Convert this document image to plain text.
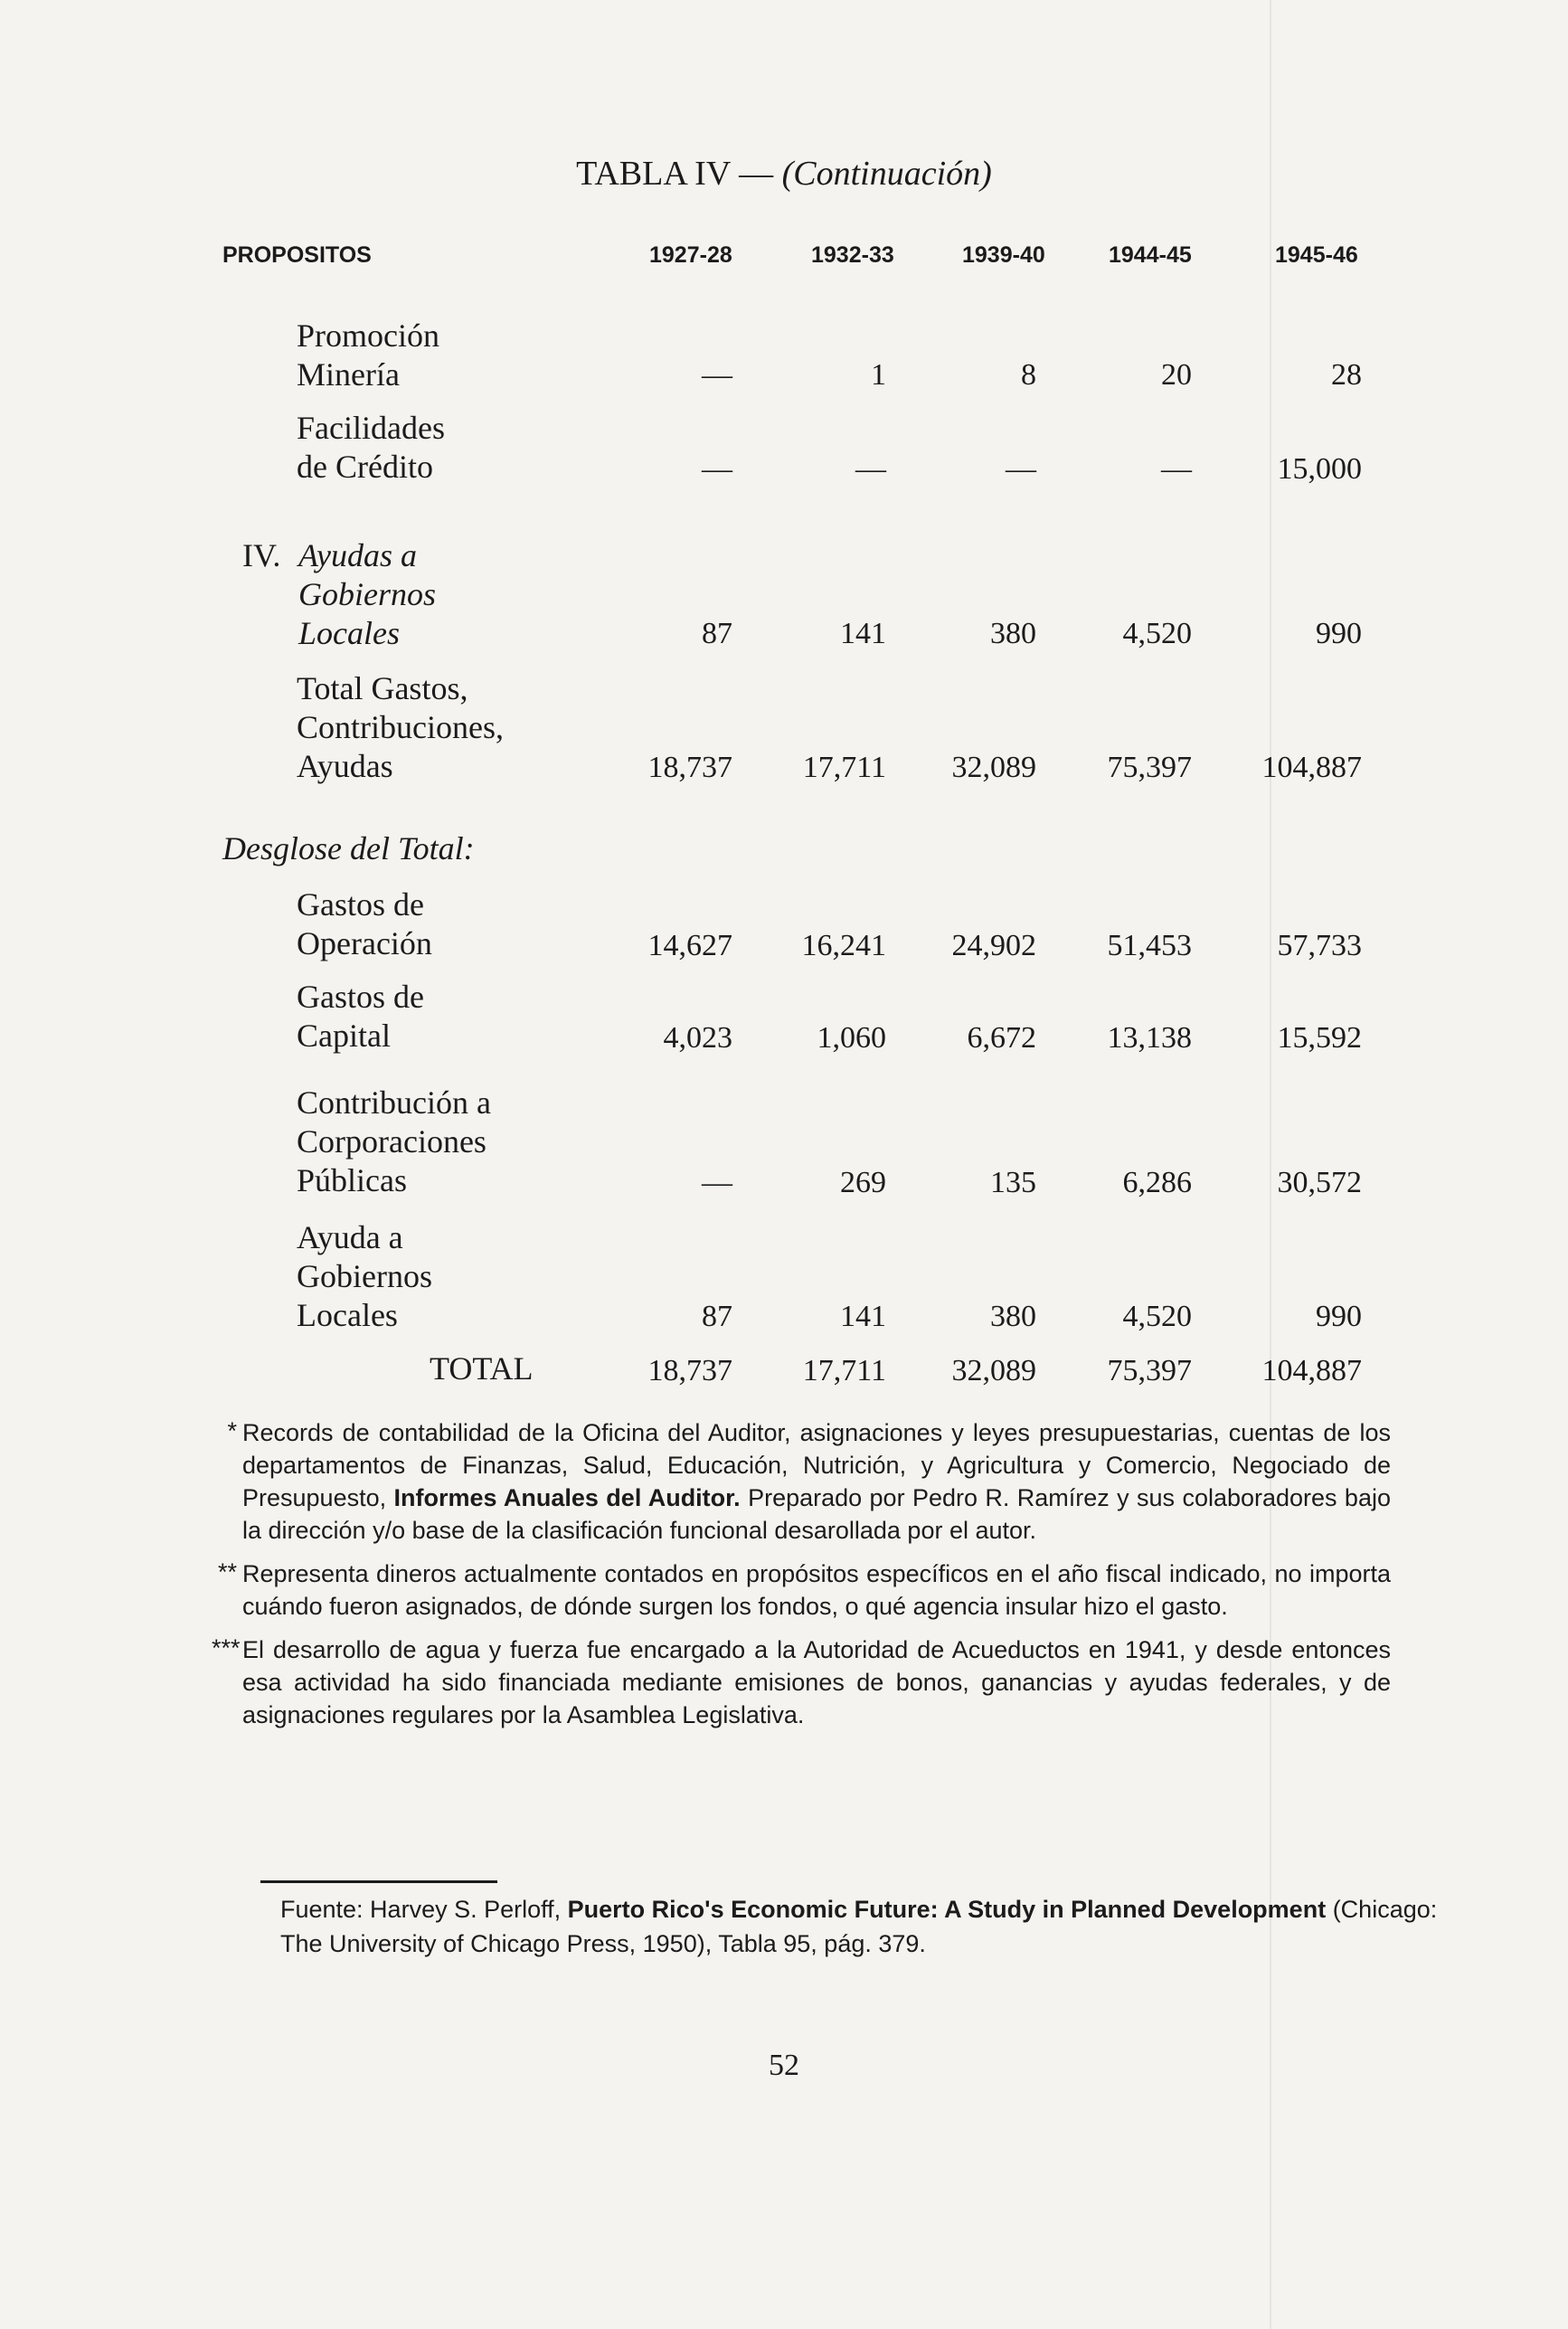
TABLA IV — (Continuación)
PROPOSITOS	1927-28	1932-33	1939-40	1944-45	1945-46
Promoción
Minería	—	1	8	20	28
Facilidades
de Crédito	—	—	—	—	15,000
IV. Ayudas a
Gobiernos
Locales	87	141	380	4,520	990
Total Gastos,
Contribuciones,
Ayudas	18,737	17,711	32,089	75,397	104,887
Desglose del Total:
Gastos de
Operación	14,627	16,241	24,902	51,453	57,733
Gastos de
Capital	4,023	1,060	6,672	13,138	15,592
Contribución a
Corporaciones
Públicas	—	269	135	6,286	30,572
Ayuda a
Gobiernos
Locales	87	141	380	4,520	990
TOTAL	18,737	17,711	32,089	75,397	104,887
* Records de contabilidad de la Oficina del Auditor, asignaciones y leyes presupuestarias, cuentas de los departamentos de Finanzas, Salud, Educación, Nutrición, y Agricultura y Comercio, Negociado de Presupuesto, Informes Anuales del Auditor. Preparado por Pedro R. Ramírez y sus colaboradores bajo la dirección y/o base de la clasificación funcional desarollada por el autor.
** Representa dineros actualmente contados en propósitos específicos en el año fiscal indicado, no importa cuándo fueron asignados, de dónde surgen los fondos, o qué agencia insular hizo el gasto.
*** El desarrollo de agua y fuerza fue encargado a la Autoridad de Acueductos en 1941, y desde entonces esa actividad ha sido financiada mediante emisiones de bonos, ganancias y ayudas federales, y de asignaciones regulares por la Asamblea Legislativa.
Fuente: Harvey S. Perloff, Puerto Rico's Economic Future: A Study in Planned Development (Chicago: The University of Chicago Press, 1950), Tabla 95, pág. 379.
52
